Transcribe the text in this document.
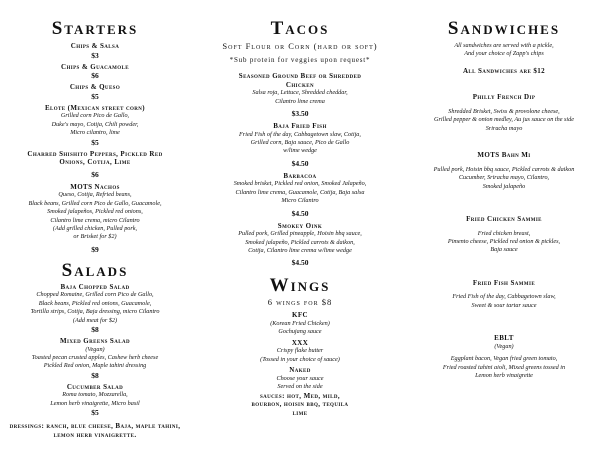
Starters
Chips & Salsa
$3
Chips & Guacamole
$6
Chips & Queso
$5
Elote (Mexican street corn)
Grilled corn Pico de Gallo,
Duke's mayo, Cotija, Chili powder,
Micro cilantro, lime
$5
Charred Shishito Peppers, Pickled Red Onions, Cotija, Lime
$6
MOTS Nachos
Queso, Cotija, Refried beans,
Black beans, Grilled corn Pico de Gallo, Guacamole,
Smoked jalapeños, Pickled red onions,
Cilantro lime crema, micro Cilantro
(Add grilled chicken, Pulled pork,
or Brisket for $2)
$9
Salads
Baja Chopped Salad
Chopped Romaine, Grilled corn Pico de Gallo,
Black beans, Pickled red onions, Guacamole,
Tortilla strips, Cotija, Baja dressing, micro Cilantro
(Add meat for $2)
$8
Mixed Greens Salad
(Vegan)
Toasted pecan crusted apples, Cashew herb cheese
Pickled Red onion, Maple tahini dressing
$8
Cucumber Salad
Roma tomato, Mozzarella,
Lemon herb vinaigrette, Micro basil
$5
dressings: ranch, blue cheese, Baja, maple tahini, lemon herb vinaigrette.
Tacos
Soft Flour or Corn (hard or soft)
*Sub protein for veggies upon request*
Seasoned Ground Beef or Shredded Chicken
Salsa roja, Lettuce, Shredded cheddar,
Cilantro lime crema
$3.50
Baja Fried Fish
Fried Fish of the day, Cabbagetown slaw, Cotija,
Grilled corn, Baja sauce, Pico de Gallo
w/lime wedge
$4.50
Barbacoa
Smoked brisket, Pickled red onion, Smoked Jalapeño,
Cilantro lime crema, Guacamole, Cotija, Baja salsa
Micro Cilantro
$4.50
Smokey Oink
Pulled pork, Grilled pineapple, Hoisin bbq sauce,
Smoked jalapeño, Pickled carrots & daikon,
Cotija, Cilantro lime crema w/lime wedge
$4.50
Wings
6 wings for $8
KFC
(Korean Fried Chicken)
Gochujang sauce
XXX
Crispy flake butter
(Tossed in your choice of sauce)
Naked
Choose your sauce
Served on the side
sauces: hot, Med, mild, bourbon, hoisin bbq, tequila lime
Sandwiches
All sandwiches are served with a pickle,
And your choice of Zapp's chips
All Sandwiches are $12
Philly French Dip
Shredded Brisket, Swiss & provolone cheese,
Grilled pepper & onion medley, Au jus sauce on the side
Sriracha mayo
MOTS Bahn Mi
Pulled pork, Hoisin bbq sauce, Pickled carrots & daikon
Cucumber, Sriracha mayo, Cilantro,
Smoked jalapeño
Fried Chicken Sammie
Fried chicken breast,
Pimento cheese, Pickled red onion & pickles,
Baja sauce
Fried Fish Sammie
Fried Fish of the day, Cabbagetown slaw,
Sweet & sour tartar sauce
EBLT
(Vegan)
Eggplant bacon, Vegan fried green tomato,
Fried roasted tahini aioli, Mixed greens tossed in
Lemon herb vinaigrette
